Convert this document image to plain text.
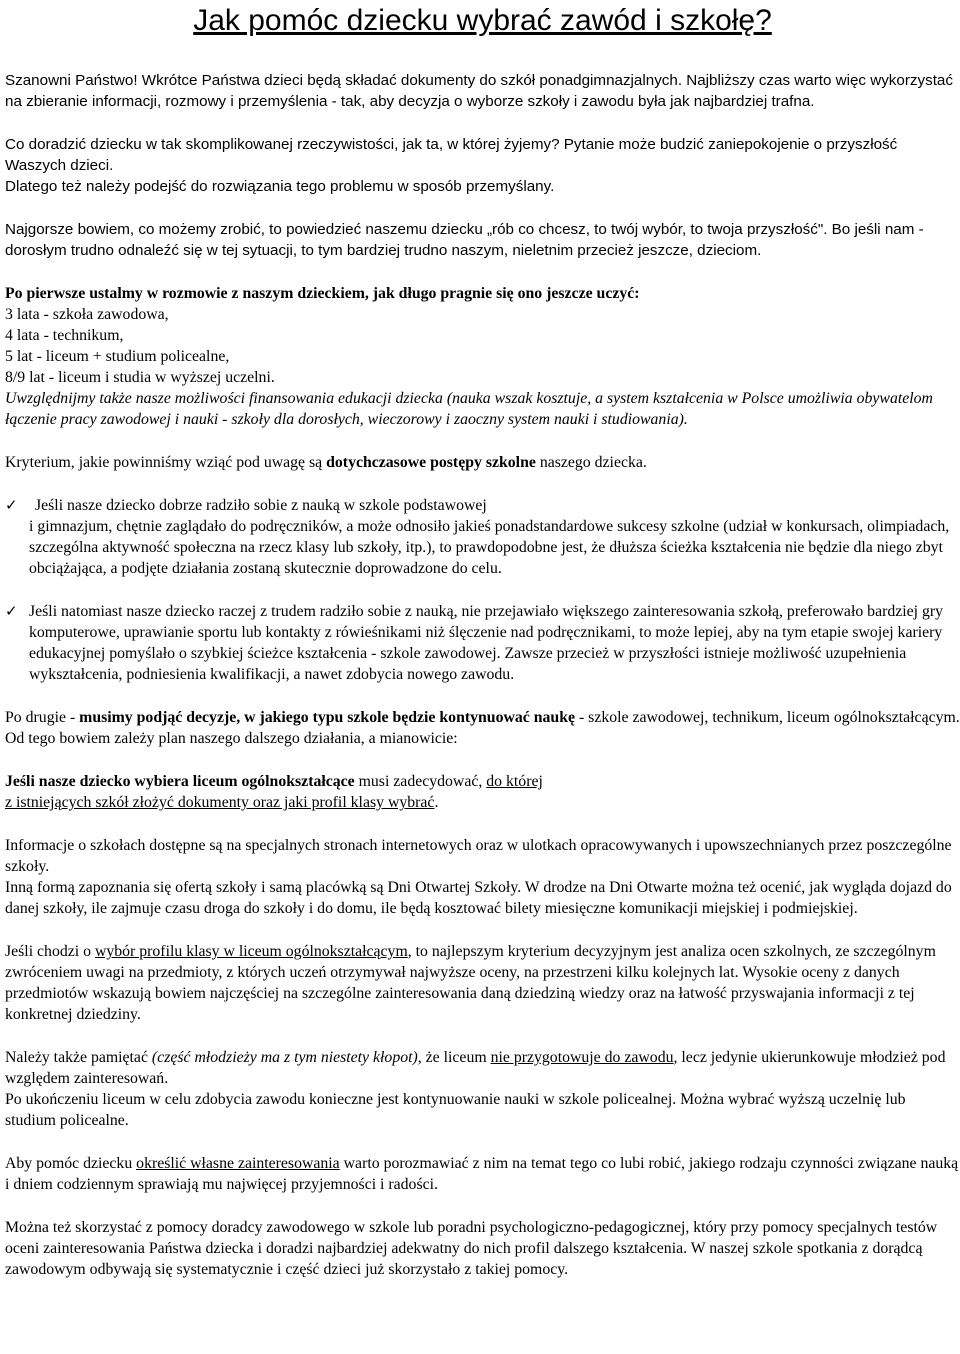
Jak pomóc dziecku wybrać zawód i szkołę?

Szanowni Państwo! Wkrótce Państwa dzieci będą składać dokumenty do szkół ponadgimnazjalnych. Najbliższy czas warto więc wykorzystać na zbieranie informacji, rozmowy i przemyślenia - tak, aby decyzja o wyborze szkoły i zawodu była jak najbardziej trafna.

Co doradzić dziecku w tak skomplikowanej rzeczywistości, jak ta, w której żyjemy? Pytanie może budzić zaniepokojenie o przyszłość Waszych dzieci.

Dlatego też należy podejść do rozwiązania tego problemu w sposób przemyślany.

Najgorsze bowiem, co możemy zrobić, to powiedzieć naszemu dziecku „rób co chcesz, to twój wybór, to twoja przyszłość". Bo jeśli nam - dorosłym trudno odnaleźć się w tej sytuacji, to tym bardziej trudno naszym, nieletnim przecież jeszcze, dzieciom.

Po pierwsze ustalmy w rozmowie z naszym dzieckiem, jak długo pragnie się ono jeszcze uczyć:

3 lata - szkoła zawodowa,

4 lata - technikum,

5 lat - liceum + studium policealne,

8/9 lat - liceum i studia w wyższej uczelni.

Uwzględnijmy także nasze możliwości finansowania edukacji dziecka (nauka wszak kosztuje, a system kształcenia w Polsce umożliwia obywatelom łączenie pracy zawodowej i nauki - szkoły dla dorosłych, wieczorowy i zaoczny system nauki i studiowania).

Kryterium, jakie powinniśmy wziąć pod uwagę są dotychczasowe postępy szkolne naszego dziecka.

✓	Jeśli nasze dziecko dobrze radziło sobie z nauką w szkole podstawowej
i gimnazjum, chętnie zaglądało do podręczników, a może odnosiło jakieś ponadstandardowe sukcesy szkolne (udział w konkursach, olimpiadach, szczególna aktywność społeczna na rzecz klasy lub szkoły, itp.), to prawdopodobne jest, że dłuższa ścieżka kształcenia nie będzie dla niego zbyt obciążająca, a podjęte działania zostaną skutecznie doprowadzone do celu.

✓ Jeśli natomiast nasze dziecko raczej z trudem radziło sobie z nauką, nie przejawiało większego zainteresowania szkołą, preferowało bardziej gry komputerowe, uprawianie sportu lub kontakty z rówieśnikami niż ślęczenie nad podręcznikami, to może lepiej, aby na tym etapie swojej kariery edukacyjnej pomyślało o szybkiej ścieżce kształcenia - szkole zawodowej. Zawsze przecież w przyszłości istnieje możliwość uzupełnienia wykształcenia, podniesienia kwalifikacji, a nawet zdobycia nowego zawodu.

Po drugie - musimy podjąć decyzje, w jakiego typu szkole będzie kontynuować naukę - szkole zawodowej, technikum, liceum ogólnokształcącym. Od tego bowiem zależy plan naszego dalszego działania, a mianowicie:

Jeśli nasze dziecko wybiera liceum ogólnokształcące musi zadecydować, do której
z istniejących szkół złożyć dokumenty oraz jaki profil klasy wybrać.

Informacje o szkołach dostępne są na specjalnych stronach internetowych oraz w ulotkach opracowywanych i upowszechnianych przez poszczególne szkoły.

Inną formą zapoznania się ofertą szkoły i samą placówką są Dni Otwartej Szkoły. W drodze na Dni Otwarte można też ocenić, jak wygląda dojazd do danej szkoły, ile zajmuje czasu droga do szkoły i do domu, ile będą kosztować bilety miesięczne komunikacji miejskiej i podmiejskiej.

Jeśli chodzi o wybór profilu klasy w liceum ogólnokształcącym, to najlepszym kryterium decyzyjnym jest analiza ocen szkolnych, ze szczególnym zwróceniem uwagi na przedmioty, z których uczeń otrzymywał najwyższe oceny, na przestrzeni kilku kolejnych lat. Wysokie oceny z danych przedmiotów wskazują bowiem najczęściej na szczególne zainteresowania daną dziedziną wiedzy oraz na łatwość przyswajania informacji z tej konkretnej dziedziny.

Należy także pamiętać (część młodzieży ma z tym niestety kłopot), że liceum nie przygotowuje do zawodu, lecz jedynie ukierunkowuje młodzież pod względem zainteresowań.

Po ukończeniu liceum w celu zdobycia zawodu konieczne jest kontynuowanie nauki w szkole policealnej. Można wybrać wyższą uczelnię lub studium policealne.

Aby pomóc dziecku określić własne zainteresowania warto porozmawiać z nim na temat tego co lubi robić, jakiego rodzaju czynności związane nauką i dniem codziennym sprawiają mu najwięcej przyjemności i radości.

Można też skorzystać z pomocy doradcy zawodowego w szkole lub poradni psychologiczno-pedagogicznej, który przy pomocy specjalnych testów oceni zainteresowania Państwa dziecka i doradzi najbardziej adekwatny do nich profil dalszego kształcenia. W naszej szkole spotkania z dorądcą zawodowym odbywają się systematycznie i część dzieci już skorzystało z takiej pomocy.
